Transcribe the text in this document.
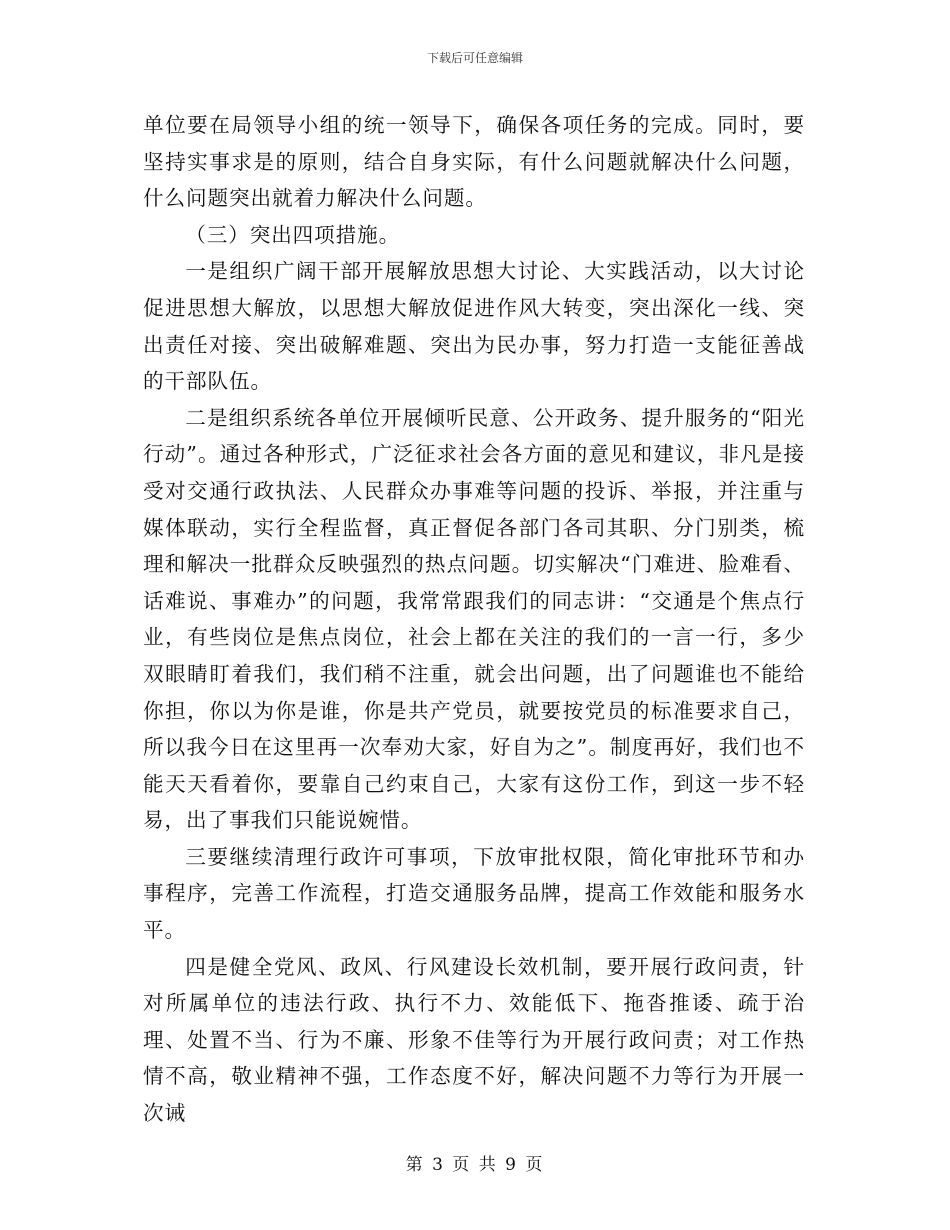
下载后可任意编辑

单位要在局领导小组的统一领导下，确保各项任务的完成。同时，要坚持实事求是的原则，结合自身实际，有什么问题就解决什么问题，什么问题突出就着力解决什么问题。

（三）突出四项措施。

一是组织广阔干部开展解放思想大讨论、大实践活动，以大讨论促进思想大解放，以思想大解放促进作风大转变，突出深化一线、突出责任对接、突出破解难题、突出为民办事，努力打造一支能征善战的干部队伍。

二是组织系统各单位开展倾听民意、公开政务、提升服务的“阳光行动”。通过各种形式，广泛征求社会各方面的意见和建议，非凡是接受对交通行政执法、人民群众办事难等问题的投诉、举报，并注重与媒体联动，实行全程监督，真正督促各部门各司其职、分门别类，梳理和解决一批群众反映强烈的热点问题。切实解决“门难进、脸难看、话难说、事难办”的问题，我常常跟我们的同志讲：“交通是个焦点行业，有些岗位是焦点岗位，社会上都在关注的我们的一言一行，多少双眼睛盯着我们，我们稍不注重，就会出问题，出了问题谁也不能给你担，你以为你是谁，你是共产党员，就要按党员的标准要求自己，所以我今日在这里再一次奉劝大家，好自为之”。制度再好，我们也不能天天看着你，要靠自己约束自己，大家有这份工作，到这一步不轻易，出了事我们只能说婉惜。

三要继续清理行政许可事项，下放审批权限，简化审批环节和办事程序，完善工作流程，打造交通服务品牌，提高工作效能和服务水平。

四是健全党风、政风、行风建设长效机制，要开展行政问责，针对所属单位的违法行政、执行不力、效能低下、拖沓推诿、疏于治理、处置不当、行为不廉、形象不佳等行为开展行政问责；对工作热情不高，敬业精神不强，工作态度不好，解决问题不力等行为开展一次诫

第 3 页 共 9 页
